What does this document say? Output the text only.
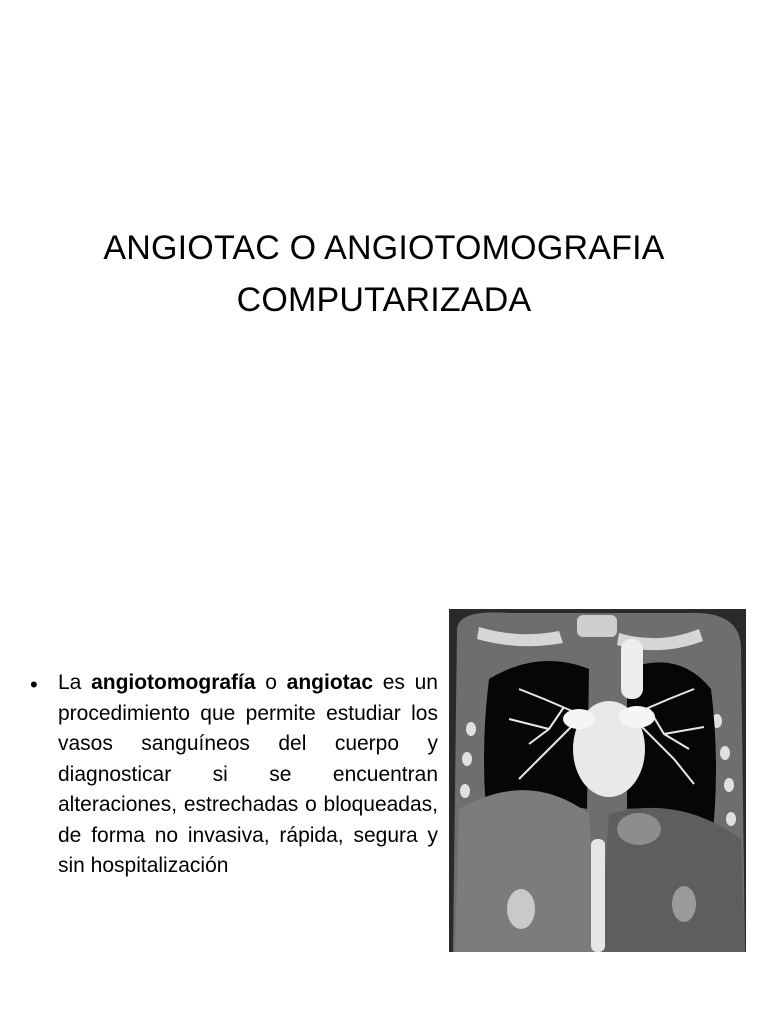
ANGIOTAC O ANGIOTOMOGRAFIA
COMPUTARIZADA
• La angiotomografía o angiotac es un procedimiento que permite estudiar los vasos sanguíneos del cuerpo y diagnosticar si se encuentran alteraciones, estrechadas o bloqueadas, de forma no invasiva, rápida, segura y sin hospitalización
